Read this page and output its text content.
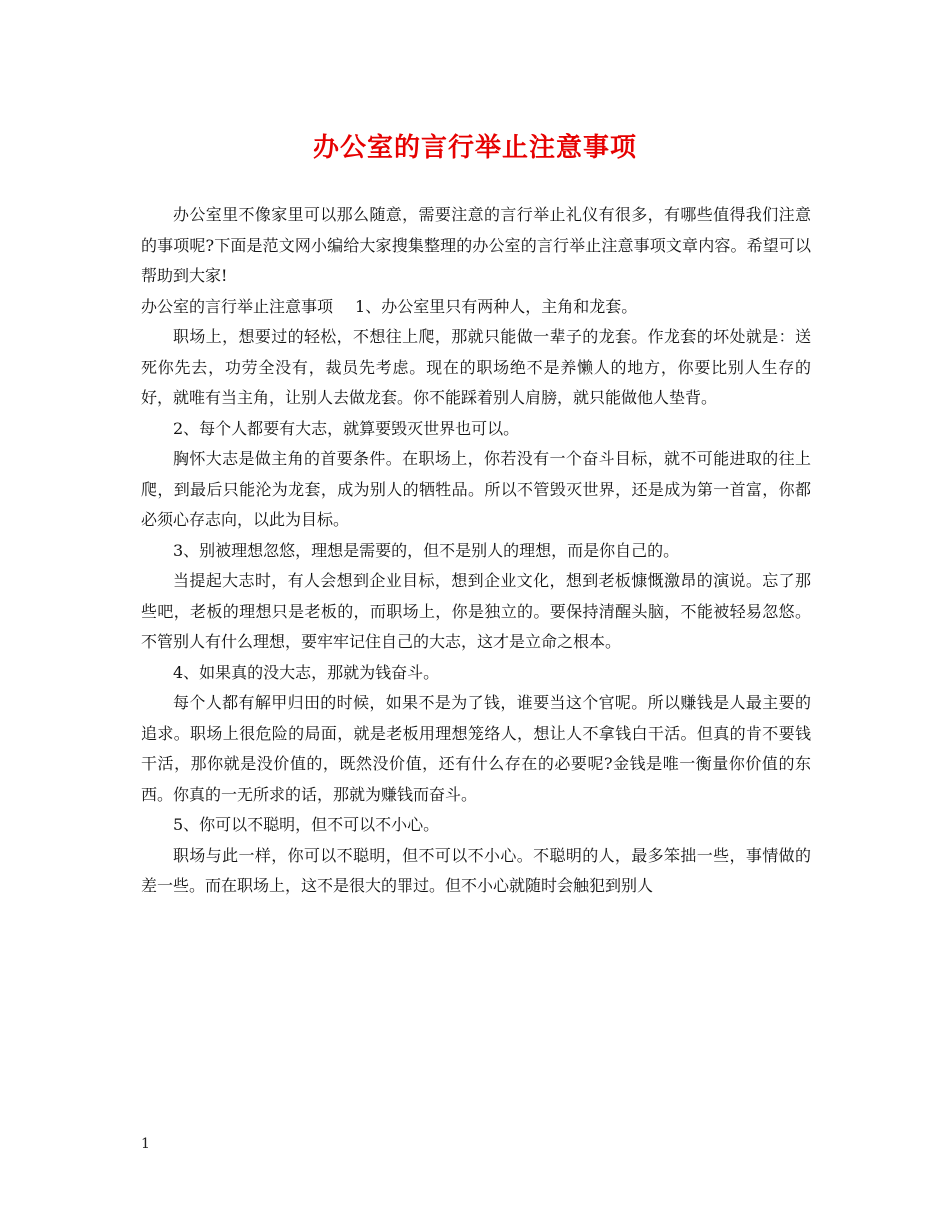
办公室的言行举止注意事项

办公室里不像家里可以那么随意，需要注意的言行举止礼仪有很多，有哪些值得我们注意的事项呢?下面是范文网小编给大家搜集整理的办公室的言行举止注意事项文章内容。希望可以帮助到大家!

办公室的言行举止注意事项 1、办公室里只有两种人，主角和龙套。

职场上，想要过的轻松，不想往上爬，那就只能做一辈子的龙套。作龙套的坏处就是：送死你先去，功劳全没有，裁员先考虑。现在的职场绝不是养懒人的地方，你要比别人生存的好，就唯有当主角，让别人去做龙套。你不能踩着别人肩膀，就只能做他人垫背。

2、每个人都要有大志，就算要毁灭世界也可以。

胸怀大志是做主角的首要条件。在职场上，你若没有一个奋斗目标，就不可能进取的往上爬，到最后只能沦为龙套，成为别人的牺牲品。所以不管毁灭世界，还是成为第一首富，你都必须心存志向，以此为目标。

3、别被理想忽悠，理想是需要的，但不是别人的理想，而是你自己的。

当提起大志时，有人会想到企业目标，想到企业文化，想到老板慷慨激昂的演说。忘了那些吧，老板的理想只是老板的，而职场上，你是独立的。要保持清醒头脑，不能被轻易忽悠。不管别人有什么理想，要牢牢记住自己的大志，这才是立命之根本。

4、如果真的没大志，那就为钱奋斗。

每个人都有解甲归田的时候，如果不是为了钱，谁要当这个官呢。所以赚钱是人最主要的追求。职场上很危险的局面，就是老板用理想笼络人，想让人不拿钱白干活。但真的肯不要钱干活，那你就是没价值的，既然没价值，还有什么存在的必要呢?金钱是唯一衡量你价值的东西。你真的一无所求的话，那就为赚钱而奋斗。

5、你可以不聪明，但不可以不小心。

职场与此一样，你可以不聪明，但不可以不小心。不聪明的人，最多笨拙一些，事情做的差一些。而在职场上，这不是很大的罪过。但不小心就随时会触犯到别人

1
